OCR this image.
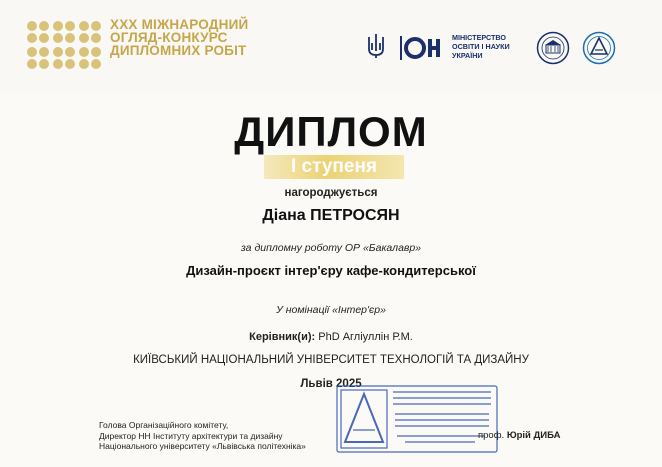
ХХХ МІЖНАРОДНИЙ
ОГЛЯД-КОНКУРС
ДИПЛОМНИХ РОБІТ
МІНІСТЕРСТВО
ОСВІТИ І НАУКИ
УКРАЇНИ
ДИПЛОМ
І ступеня
нагороджується
Діана ПЕТРОСЯН
за дипломну роботу ОР «Бакалавр»
Дизайн-проєкт інтер'єру кафе-кондитерської
У номінації «Інтер'єр»
Керівник(и): PhD Агліуллін Р.М.
КИЇВСЬКИЙ НАЦІОНАЛЬНИЙ УНІВЕРСИТЕТ ТЕХНОЛОГІЙ ТА ДИЗАЙНУ
Львів 2025
Голова Організаційного комітету,
Директор НН Інституту архітектури та дизайну
Національного університету «Львівська політехніка»
проф. Юрій ДИБА
